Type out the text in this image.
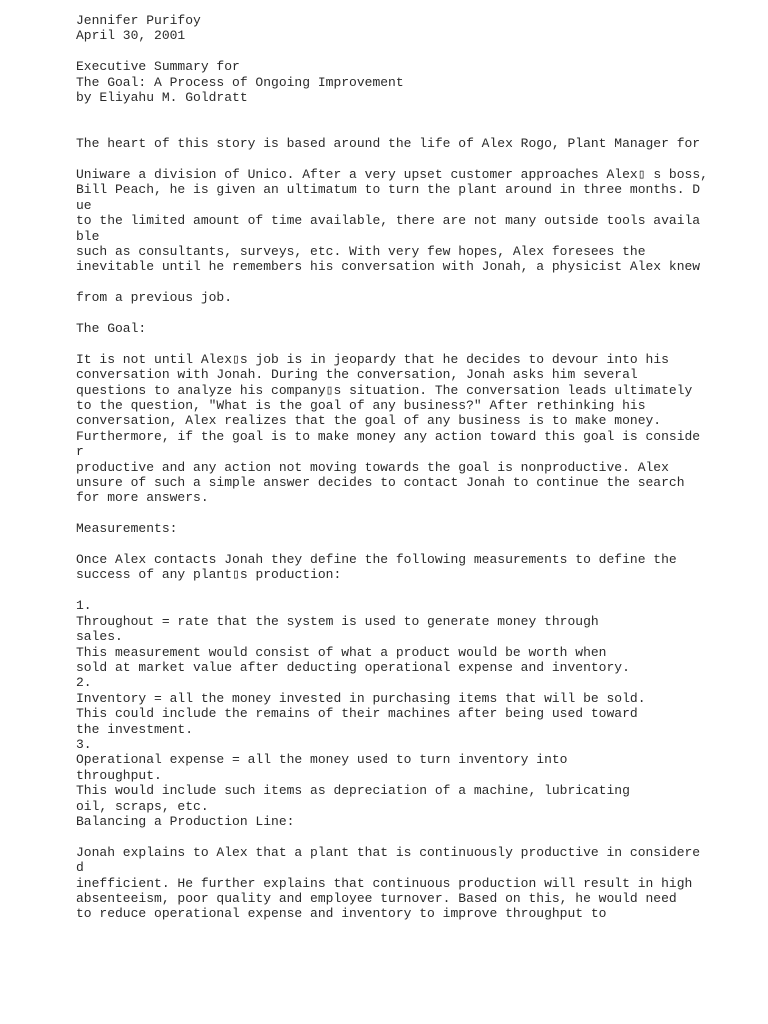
Jennifer Purifoy
April 30, 2001
Executive Summary for
The Goal: A Process of Ongoing Improvement
by Eliyahu M. Goldratt
The heart of this story is based around the life of Alex Rogo, Plant Manager for
Uniware a division of Unico. After a very upset customer approaches Alex▯ s boss,
Bill Peach, he is given an ultimatum to turn the plant around in three months. D
ue
to the limited amount of time available, there are not many outside tools availa
ble
such as consultants, surveys, etc. With very few hopes, Alex foresees the
inevitable until he remembers his conversation with Jonah, a physicist Alex knew
from a previous job.
The Goal:
It is not until Alex▯s job is in jeopardy that he decides to devour into his
conversation with Jonah. During the conversation, Jonah asks him several
questions to analyze his company▯s situation. The conversation leads ultimately
to the question, "What is the goal of any business?" After rethinking his
conversation, Alex realizes that the goal of any business is to make money.
Furthermore, if the goal is to make money any action toward this goal is conside
r
productive and any action not moving towards the goal is nonproductive. Alex
unsure of such a simple answer decides to contact Jonah to continue the search
for more answers.
Measurements:
Once Alex contacts Jonah they define the following measurements to define the
success of any plant▯s production:
1.
Throughout = rate that the system is used to generate money through
sales.
This measurement would consist of what a product would be worth when
sold at market value after deducting operational expense and inventory.
2.
Inventory = all the money invested in purchasing items that will be sold.
This could include the remains of their machines after being used toward
the investment.
3.
Operational expense = all the money used to turn inventory into
throughput.
This would include such items as depreciation of a machine, lubricating
oil, scraps, etc.
Balancing a Production Line:
Jonah explains to Alex that a plant that is continuously productive in considere
d
inefficient. He further explains that continuous production will result in high
absenteeism, poor quality and employee turnover. Based on this, he would need
to reduce operational expense and inventory to improve throughput to
